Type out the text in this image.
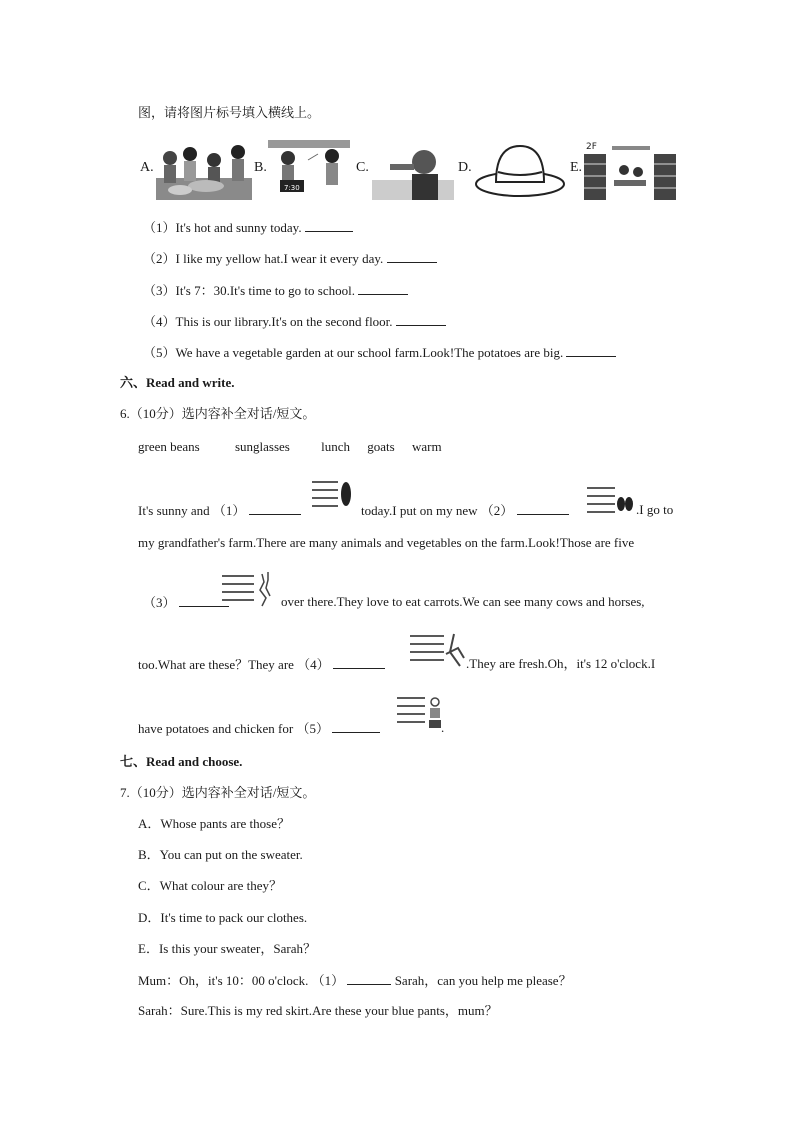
图，请将图片标号填入横线上。
A.	B.
7:30
C.	D.	E.
2F
（1）It's hot and sunny today.
（2）I like my yellow hat.I wear it every day.
（3）It's 7：30.It's time to go to school.
（4）This is our library.It's on the second floor.
（5）We have a vegetable garden at our school farm.Look!The potatoes are big.
六、Read and write.
6.（10分）选内容补全对话/短文。
green beans	sunglasses lunch goats warm
It's sunny and （1）	today.I put on my new （2）	.I go to
my grandfather's farm.There are many animals and vegetables on the farm.Look!Those are five
（3）	over there.They love to eat carrots.We can see many cows and horses,
too.What are these？They are （4）	.They are fresh.Oh，it's 12 o'clock.I
have potatoes and chicken for （5）	.
七、Read and choose.
7.（10分）选内容补全对话/短文。
A．Whose pants are those？
B．You can put on the sweater.
C．What colour are they？
D．It's time to pack our clothes.
E．Is this your sweater，Sarah？
Mum：Oh，it's 10：00 o'clock. （1）	Sarah，can you help me please？
Sarah：Sure.This is my red skirt.Are these your blue pants，mum？
